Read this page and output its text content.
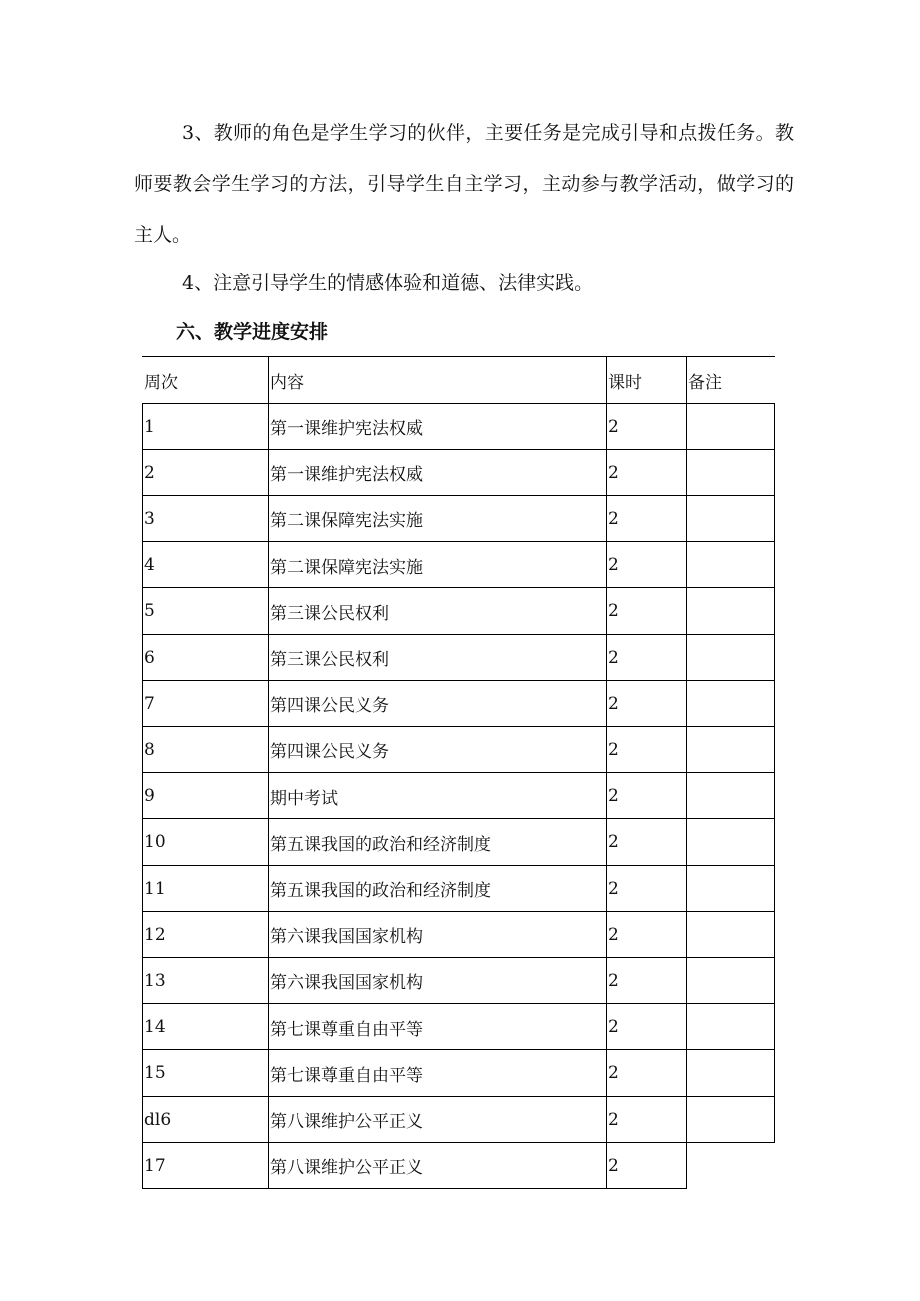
3、教师的角色是学生学习的伙伴，主要任务是完成引导和点拨任务。教师要教会学生学习的方法，引导学生自主学习，主动参与教学活动，做学习的主人。

4、注意引导学生的情感体验和道德、法律实践。

六、教学进度安排
周次	内容	课时	备注
1	第一课维护宪法权威	2
2	第一课维护宪法权威	2
3	第二课保障宪法实施	2
4	第二课保障宪法实施	2
5	第三课公民权利	2
6	第三课公民权利	2
7	第四课公民义务	2
8	第四课公民义务	2
9	期中考试	2
10	第五课我国的政治和经济制度	2
11	第五课我国的政治和经济制度	2
12	第六课我国国家机构	2
13	第六课我国国家机构	2
14	第七课尊重自由平等	2
15	第七课尊重自由平等	2
dl6	第八课维护公平正义	2
17	第八课维护公平正义	2
